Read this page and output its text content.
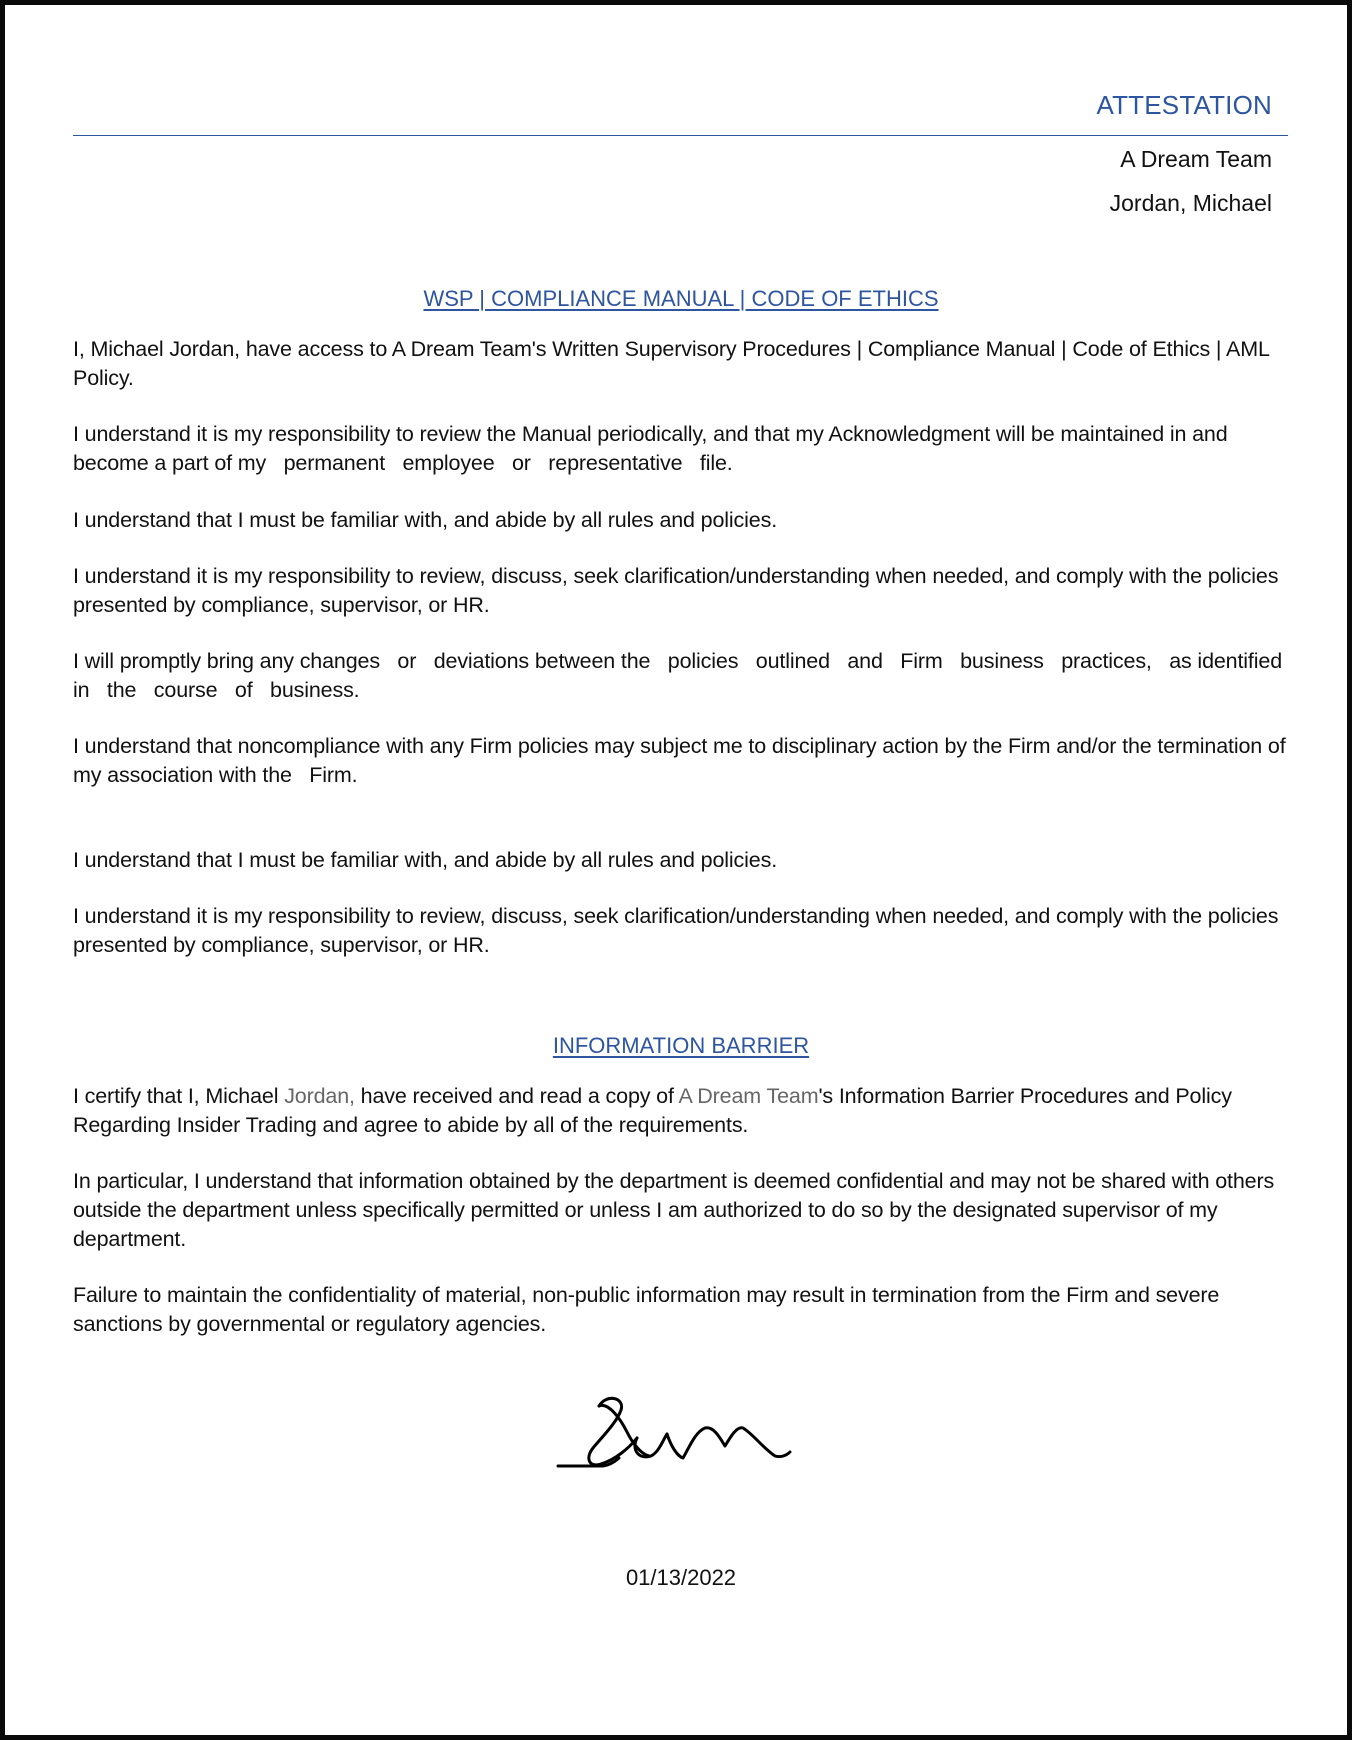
ATTESTATION
A Dream Team
Jordan, Michael
WSP | COMPLIANCE MANUAL | CODE OF ETHICS

I, Michael Jordan, have access to A Dream Team's Written Supervisory Procedures | Compliance Manual | Code of Ethics | AML Policy.

I understand it is my responsibility to review the Manual periodically, and that my Acknowledgment will be maintained in and become a part of my   permanent   employee   or   representative   file.

I understand that I must be familiar with, and abide by all rules and policies.

I understand it is my responsibility to review, discuss, seek clarification/understanding when needed, and comply with the policies presented by compliance, supervisor, or HR.

I will promptly bring any changes   or   deviations between the   policies   outlined   and   Firm   business   practices,   as identified   in   the   course   of   business.

I understand that noncompliance with any Firm policies may subject me to disciplinary action by the Firm and/or the termination of my association with the   Firm.

I understand that I must be familiar with, and abide by all rules and policies.

I understand it is my responsibility to review, discuss, seek clarification/understanding when needed, and comply with the policies presented by compliance, supervisor, or HR.

INFORMATION BARRIER

I certify that I, Michael Jordan, have received and read a copy of A Dream Team's Information Barrier Procedures and Policy Regarding Insider Trading and agree to abide by all of the requirements.

In particular, I understand that information obtained by the department is deemed confidential and may not be shared with others outside the department unless specifically permitted or unless I am authorized to do so by the designated supervisor of my department.

Failure to maintain the confidentiality of material, non-public information may result in termination from the Firm and severe sanctions by governmental or regulatory agencies.

01/13/2022
